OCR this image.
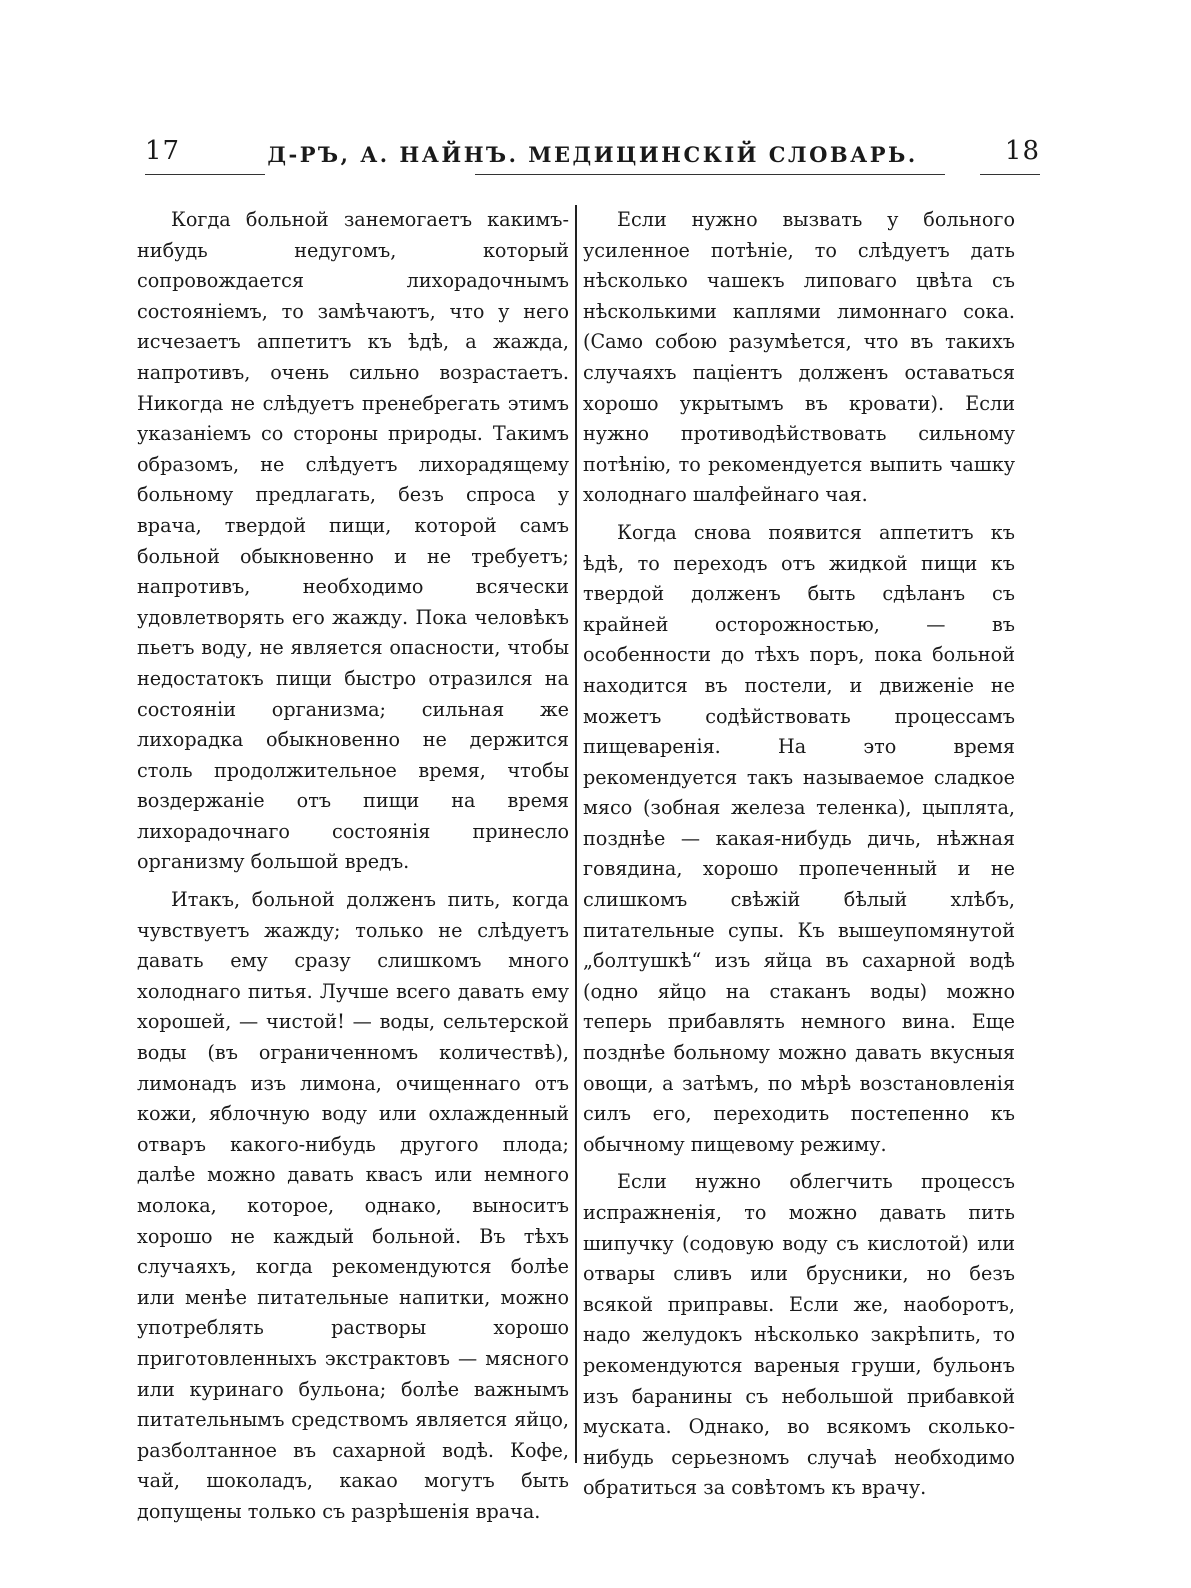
17	Д-РЪ, А. НАЙНЪ. МЕДИЦИНСКІЙ СЛОВАРЬ.	18

Когда больной занемогаетъ какимъ-нибудь недугомъ, который сопровождается лихорадочнымъ состояніемъ, то замѣчаютъ, что у него исчезаетъ аппетитъ къ ѣдѣ, а жажда, напротивъ, очень сильно возрастаетъ. Никогда не слѣдуетъ пренебрегать этимъ указаніемъ со стороны природы. Такимъ образомъ, не слѣдуетъ лихорадящему больному предлагать, безъ спроса у врача, твердой пищи, которой самъ больной обыкновенно и не требуетъ; напротивъ, необходимо всячески удовлетворять его жажду. Пока человѣкъ пьетъ воду, не является опасности, чтобы недостатокъ пищи быстро отразился на состояніи организма; сильная же лихорадка обыкновенно не держится столь продолжительное время, чтобы воздержаніе отъ пищи на время лихорадочнаго состоянія принесло организму большой вредъ.

Итакъ, больной долженъ пить, когда чувствуетъ жажду; только не слѣдуетъ давать ему сразу слишкомъ много холоднаго питья. Лучше всего давать ему хорошей, — чистой! — воды, сельтерской воды (въ ограниченномъ количествѣ), лимонадъ изъ лимона, очищеннаго отъ кожи, яблочную воду или охлажденный отваръ какого-нибудь другого плода; далѣе можно давать квасъ или немного молока, которое, однако, выноситъ хорошо не каждый больной. Въ тѣхъ случаяхъ, когда рекомендуются болѣе или менѣе питательные напитки, можно употреблять растворы хорошо приготовленныхъ экстрактовъ — мясного или куринаго бульона; болѣе важнымъ питательнымъ средствомъ является яйцо, разболтанное въ сахарной водѣ. Кофе, чай, шоколадъ, какао могутъ быть допущены только съ разрѣшенія врача.

Если нужно вызвать у больного усиленное потѣніе, то слѣдуетъ дать нѣсколько чашекъ липоваго цвѣта съ нѣсколькими каплями лимоннаго сока. (Само собою разумѣется, что въ такихъ случаяхъ паціентъ долженъ оставаться хорошо укрытымъ въ кровати). Если нужно противодѣйствовать сильному потѣнію, то рекомендуется выпить чашку холоднаго шалфейнаго чая.

Когда снова появится аппетитъ къ ѣдѣ, то переходъ отъ жидкой пищи къ твердой долженъ быть сдѣланъ съ крайней осторожностью, — въ особенности до тѣхъ поръ, пока больной находится въ постели, и движеніе не можетъ содѣйствовать процессамъ пищеваренія. На это время рекомендуется такъ называемое сладкое мясо (зобная железа теленка), цыплята, позднѣе — какая-нибудь дичь, нѣжная говядина, хорошо пропеченный и не слишкомъ свѣжій бѣлый хлѣбъ, питательные супы. Къ вышеупомянутой „болтушкѣ“ изъ яйца въ сахарной водѣ (одно яйцо на стаканъ воды) можно теперь прибавлять немного вина. Еще позднѣе больному можно давать вкусныя овощи, а затѣмъ, по мѣрѣ возстановленія силъ его, переходить постепенно къ обычному пищевому режиму.

Если нужно облегчить процессъ испражненія, то можно давать пить шипучку (содовую воду съ кислотой) или отвары сливъ или брусники, но безъ всякой приправы. Если же, наоборотъ, надо желудокъ нѣсколько закрѣпить, то рекомендуются вареныя груши, бульонъ изъ баранины съ небольшой прибавкой муската. Однако, во всякомъ сколько-нибудь серьезномъ случаѣ необходимо обратиться за совѣтомъ къ врачу.
